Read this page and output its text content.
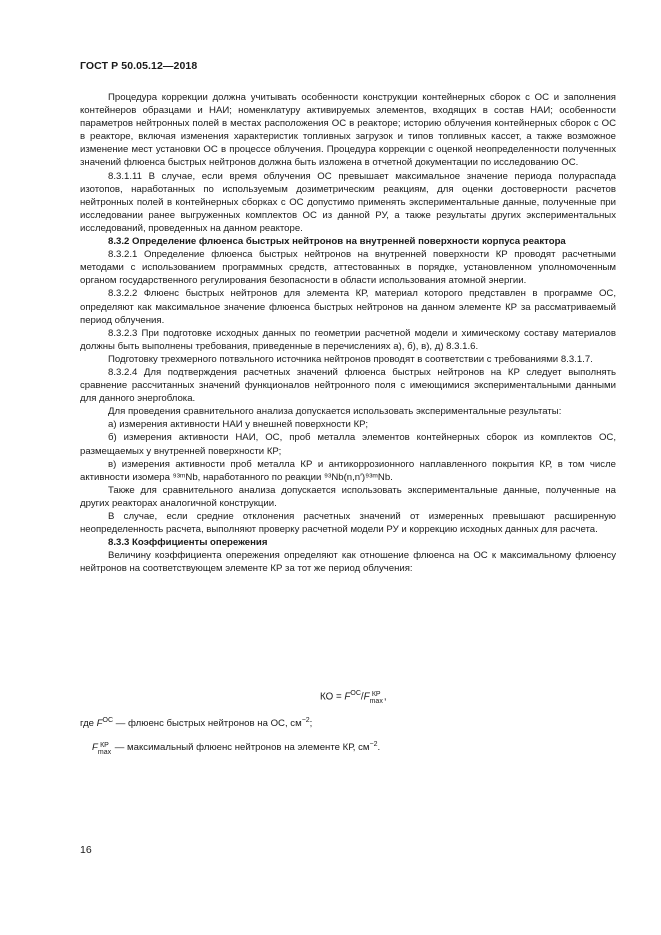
ГОСТ Р 50.05.12—2018

Процедура коррекции должна учитывать особенности конструкции контейнерных сборок с ОС и заполнения контейнеров образцами и НАИ; номенклатуру активируемых элементов, входящих в состав НАИ; особенности параметров нейтронных полей в местах расположения ОС в реакторе; историю облучения контейнерных сборок с ОС в реакторе, включая изменения характеристик топливных загрузок и типов топливных кассет, а также возможное изменение мест установки ОС в процессе облучения. Процедура коррекции с оценкой неопределенности полученных значений флюенса быстрых нейтронов должна быть изложена в отчетной документации по исследованию ОС.

8.3.1.11 В случае, если время облучения ОС превышает максимальное значение периода полураспада изотопов, наработанных по используемым дозиметрическим реакциям, для оценки достоверности расчетов нейтронных полей в контейнерных сборках с ОС допустимо применять экспериментальные данные, полученные при исследовании ранее выгруженных комплектов ОС из данной РУ, а также результаты других экспериментальных исследований, проведенных на данном реакторе.

8.3.2 Определение флюенса быстрых нейтронов на внутренней поверхности корпуса реактора

8.3.2.1 Определение флюенса быстрых нейтронов на внутренней поверхности КР проводят расчетными методами с использованием программных средств, аттестованных в порядке, установленном уполномоченным органом государственного регулирования безопасности в области использования атомной энергии.

8.3.2.2 Флюенс быстрых нейтронов для элемента КР, материал которого представлен в программе ОС, определяют как максимальное значение флюенса быстрых нейтронов на данном элементе КР за рассматриваемый период облучения.

8.3.2.3 При подготовке исходных данных по геометрии расчетной модели и химическому составу материалов должны быть выполнены требования, приведенные в перечислениях а), б), в), д) 8.3.1.6.

Подготовку трехмерного потвэльного источника нейтронов проводят в соответствии с требованиями 8.3.1.7.

8.3.2.4 Для подтверждения расчетных значений флюенса быстрых нейтронов на КР следует выполнять сравнение рассчитанных значений функционалов нейтронного поля с имеющимися экспериментальными данными для данного энергоблока.

Для проведения сравнительного анализа допускается использовать экспериментальные результаты:

а) измерения активности НАИ у внешней поверхности КР;

б) измерения активности НАИ, ОС, проб металла элементов контейнерных сборок из комплектов ОС, размещаемых у внутренней поверхности КР;

в) измерения активности проб металла КР и антикоррозионного наплавленного покрытия КР, в том числе активности изомера ⁹³ᵐNb, наработанного по реакции ⁹³Nb(n,n′)⁹³ᵐNb.

Также для сравнительного анализа допускается использовать экспериментальные данные, полученные на других реакторах аналогичной конструкции.

В случае, если средние отклонения расчетных значений от измеренных превышают расширенную неопределенность расчета, выполняют проверку расчетной модели РУ и коррекцию исходных данных для расчета.

8.3.3 Коэффициенты опережения

Величину коэффициента опережения определяют как отношение флюенса на ОС к максимальному флюенсу нейтронов на соответствующем элементе КР за тот же период облучения:

КО = $F^{ОС}/F$ КР
max ,
где $F^{ОС}$ — флюенс быстрых нейтронов на ОС, $см^{-2}$;
F КР
max — максимальный флюенс нейтронов на элементе КР, $см^{-2}$.
16
